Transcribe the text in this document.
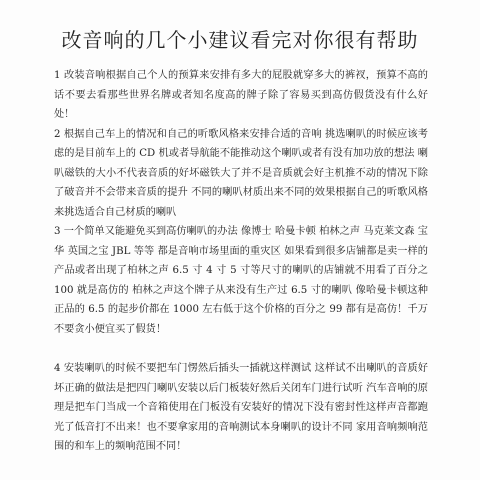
改音响的几个小建议看完对你很有帮助

1 改装音响根据自己个人的预算来安排有多大的屁股就穿多大的裤衩，预算不高的话不要去看那些世界名牌或者知名度高的牌子除了容易买到高仿假货没有什么好处！

2 根据自己车上的情况和自己的听歌风格来安排合适的音响 挑选喇叭的时候应该考虑的是目前车上的 CD 机或者导航能不能推动这个喇叭或者有没有加功放的想法 喇叭磁铁的大小不代表音质的好坏磁铁大了并不是音质就会好主机推不动的情况下除了破音并不会带来音质的提升 不同的喇叭材质出来不同的效果根据自己的听歌风格来挑选适合自己材质的喇叭

3 一个简单又能避免买到高仿喇叭的办法 像博士 哈曼卡顿 柏林之声 马克莱文森 宝华 英国之宝 JBL 等等 都是音响市场里面的重灾区 如果看到很多店铺都是卖一样的产品或者出现了柏林之声 6.5 寸 4 寸 5 寸等尺寸的喇叭的店铺就不用看了百分之 100 就是高仿的 柏林之声这个牌子从来没有生产过 6.5 寸的喇叭 像哈曼卡顿这种正品的 6.5 的起步价都在 1000 左右低于这个价格的百分之 99 都有是高仿！千万不要贪小便宜买了假货！

4 安装喇叭的时候不要把车门愣然后插头一插就这样测试 这样试不出喇叭的音质好坏正确的做法是把四门喇叭安装以后门板装好然后关闭车门进行试听 汽车音响的原理是把车门当成一个音箱使用在门板没有安装好的情况下没有密封性这样声音都跑光了低音打不出来！也不要拿家用的音响测试本身喇叭的设计不同 家用音响频响范围的和车上的频响范围不同！
